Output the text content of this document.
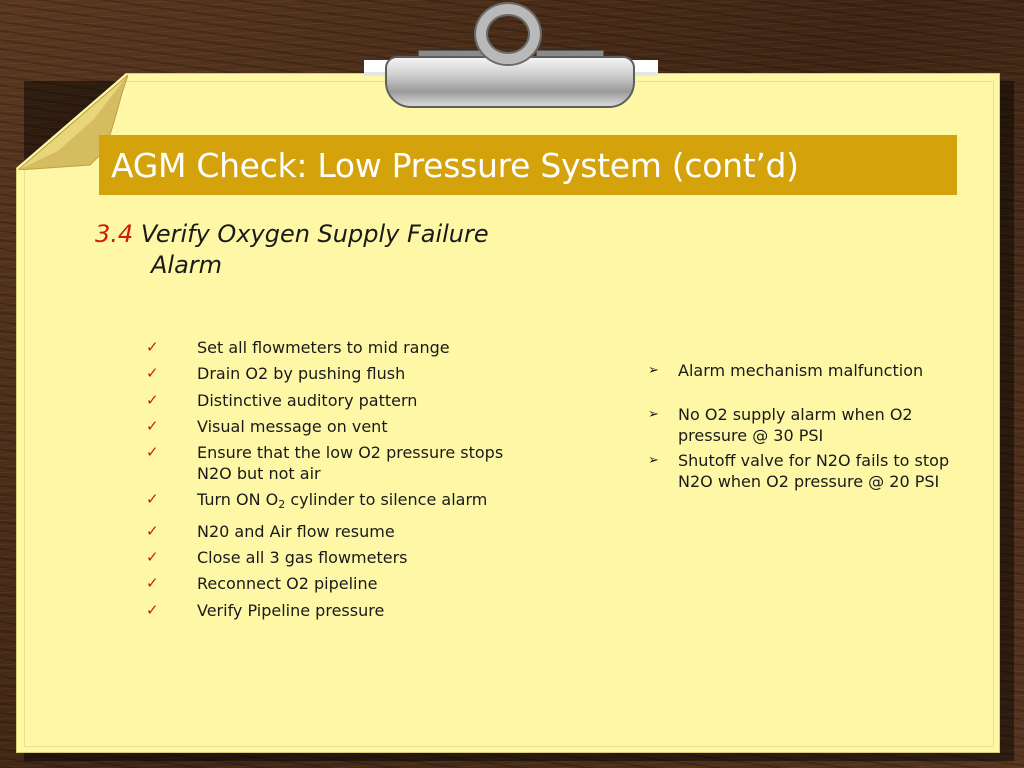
AGM Check: Low Pressure System (cont’d)
3.4 Verify Oxygen Supply Failure
Alarm
✓ Set all flowmeters to mid range
✓ Drain O2 by pushing flush
✓ Distinctive auditory pattern
✓ Visual message on vent
✓ Ensure that the low O2 pressure stops
N2O but not air
✓ Turn ON $O_2$ cylinder to silence alarm
✓ N20 and Air flow resume
✓ Close all 3 gas flowmeters
✓ Reconnect O2 pipeline
✓ Verify Pipeline pressure
➢ Alarm mechanism malfunction
➢ No O2 supply alarm when O2
pressure @ 30 PSI
➢ Shutoff valve for N2O fails to stop
N2O when O2 pressure @ 20 PSI
